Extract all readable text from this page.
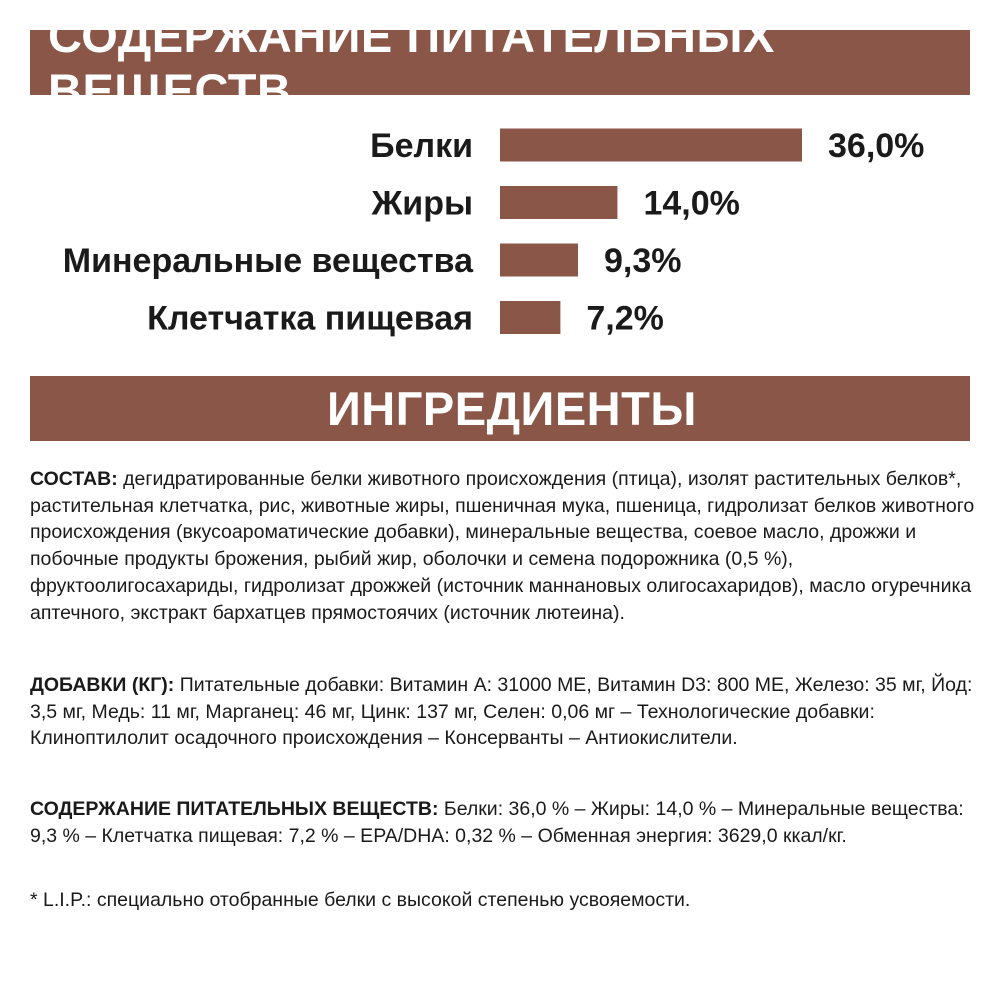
СОДЕРЖАНИЕ ПИТАТЕЛЬНЫХ ВЕЩЕСТВ
Белки	36,0%
Жиры	14,0%
Минеральные вещества	9,3%
Клетчатка пищевая	7,2%
ИНГРЕДИЕНТЫ
СОСТАВ: дегидратированные белки животного происхождения (птица), изолят растительных белков*, растительная клетчатка, рис, животные жиры, пшеничная мука, пшеница, гидролизат белков животного происхождения (вкусоароматические добавки), минеральные вещества, соевое масло, дрожжи и побочные продукты брожения, рыбий жир, оболочки и семена подорожника (0,5 %), фруктоолигосахариды, гидролизат дрожжей (источник маннановых олигосахаридов), масло огуречника аптечного, экстракт бархатцев прямостоячих (источник лютеина).
ДОБАВКИ (КГ): Питательные добавки: Витамин А: 31000 МЕ, Витамин D3: 800 МЕ, Железо: 35 мг, Йод: 3,5 мг, Медь: 11 мг, Марганец: 46 мг, Цинк: 137 мг, Селен: 0,06 мг – Технологические добавки: Клиноптилолит осадочного происхождения – Консерванты – Антиокислители.
СОДЕРЖАНИЕ ПИТАТЕЛЬНЫХ ВЕЩЕСТВ: Белки: 36,0 % – Жиры: 14,0 % – Минеральные вещества: 9,3 % – Клетчатка пищевая: 7,2 % – EPA/DHA: 0,32 % – Обменная энергия: 3629,0 ккал/кг.
* L.I.P.: специально отобранные белки с высокой степенью усвояемости.
